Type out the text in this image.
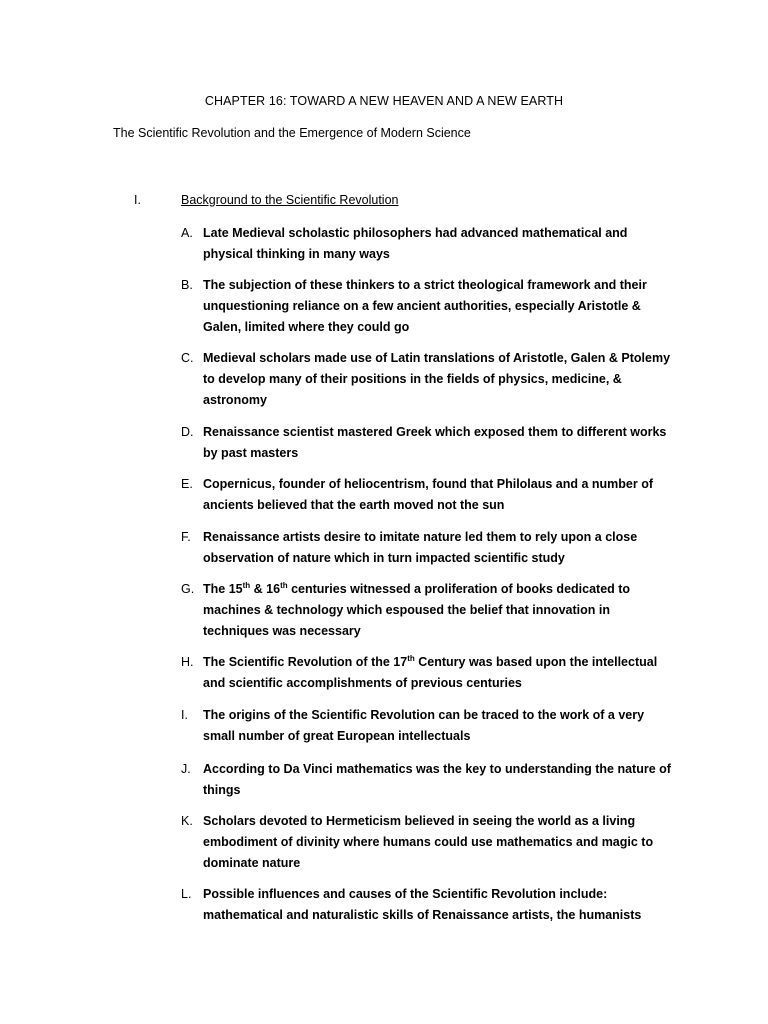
CHAPTER 16: TOWARD A NEW HEAVEN AND A NEW EARTH
The Scientific Revolution and the Emergence of Modern Science
I.	Background to the Scientific Revolution
A. Late Medieval scholastic philosophers had advanced mathematical and physical thinking in many ways
B. The subjection of these thinkers to a strict theological framework and their unquestioning reliance on a few ancient authorities, especially Aristotle & Galen, limited where they could go
C. Medieval scholars made use of Latin translations of Aristotle, Galen & Ptolemy to develop many of their positions in the fields of physics, medicine, & astronomy
D. Renaissance scientist mastered Greek which exposed them to different works by past masters
E. Copernicus, founder of heliocentrism, found that Philolaus and a number of ancients believed that the earth moved not the sun
F. Renaissance artists desire to imitate nature led them to rely upon a close observation of nature which in turn impacted scientific study
G. The 15th & 16th centuries witnessed a proliferation of books dedicated to machines & technology which espoused the belief that innovation in techniques was necessary
H. The Scientific Revolution of the 17th Century was based upon the intellectual and scientific accomplishments of previous centuries
I. The origins of the Scientific Revolution can be traced to the work of a very small number of great European intellectuals
J. According to Da Vinci mathematics was the key to understanding the nature of things
K. Scholars devoted to Hermeticism believed in seeing the world as a living embodiment of divinity where humans could use mathematics and magic to dominate nature
L. Possible influences and causes of the Scientific Revolution include: mathematical and naturalistic skills of Renaissance artists, the humanists
